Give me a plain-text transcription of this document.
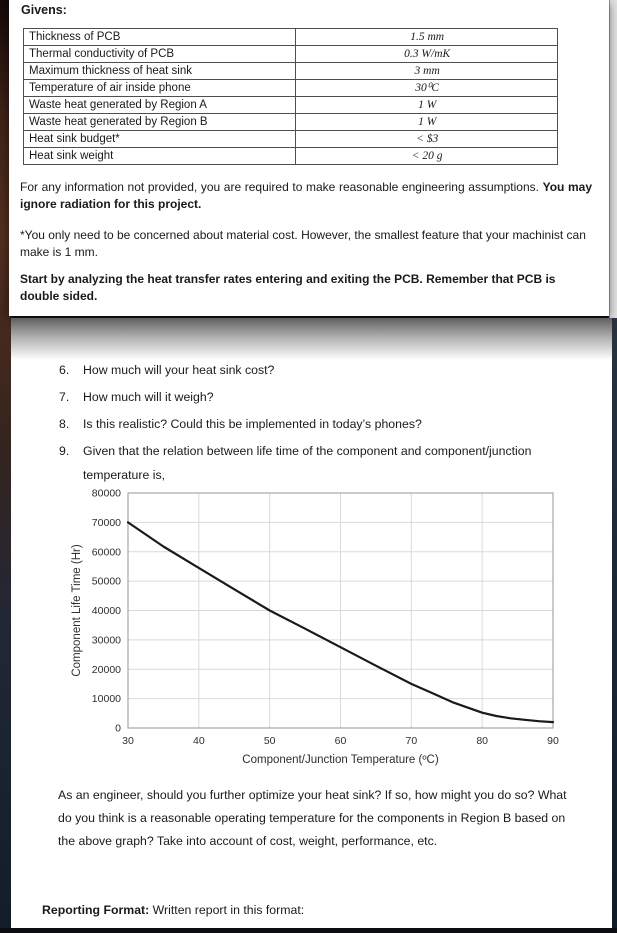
Givens:
Thickness of PCB	1.5 mm
Thermal conductivity of PCB	0.3 W/mK
Maximum thickness of heat sink	3 mm
Temperature of air inside phone	30⁰C
Waste heat generated by Region A	1 W
Waste heat generated by Region B	1 W
Heat sink budget*	< $3
Heat sink weight	< 20 g

For any information not provided, you are required to make reasonable engineering assumptions. You may ignore radiation for this project.

*You only need to be concerned about material cost. However, the smallest feature that your machinist can make is 1 mm.

Start by analyzing the heat transfer rates entering and exiting the PCB. Remember that PCB is double sided.

6.	How much will your heat sink cost?
7.	How much will it weigh?
8.	Is this realistic? Could this be implemented in today’s phones?
9.	Given that the relation between life time of the component and component/junction temperature is,
0
10000
20000
30000
40000
50000
60000
70000
80000
30	40	50	60	70	80	90
Component/Junction Temperature (ºC)
Component Life Time (Hr)

As an engineer, should you further optimize your heat sink? If so, how might you do so? What do you think is a reasonable operating temperature for the components in Region B based on the above graph? Take into account of cost, weight, performance, etc.

Reporting Format: Written report in this format:
